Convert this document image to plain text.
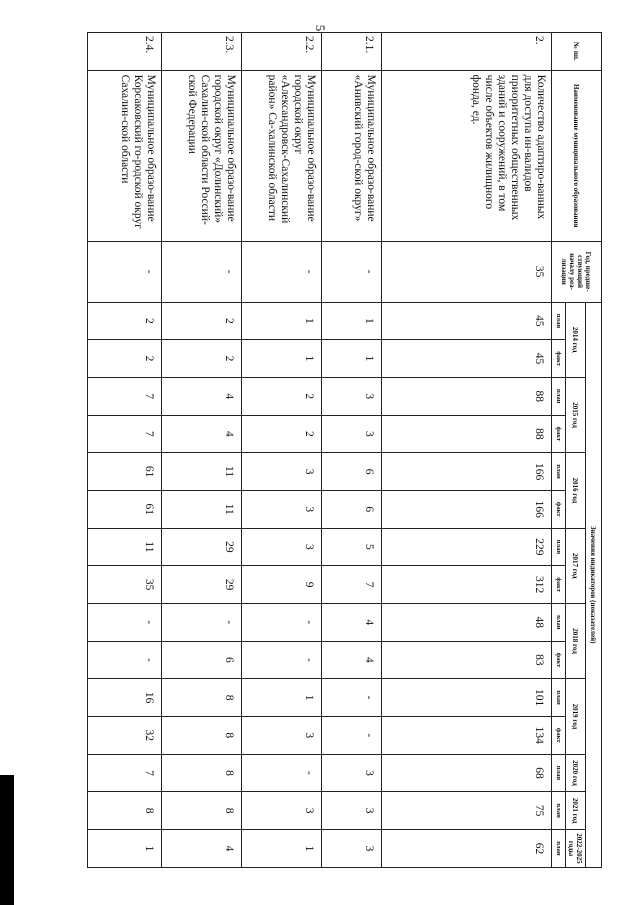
5
№ пп.	Наименование муниципального образования	Год, предше-ствующий началу реа-лизации	Значения индикаторов (показателей)														
			2014 год		2015 год		2016 год		2017 год		2018 год		2019 год		2020 год	2021 год	2022-2025 годы
			план	факт	план	факт	план	факт	план	факт	план	факт	план	факт	план	план	план
2.	Количество адаптиро-ванных для доступа ин-валидов приоритетных общественных зданий и сооружений, в том числе объектов жилищного фонда, ед.	35	45	45	88	88	166	166	229	312	48	83	101	134	68	75	62
2.1.	Муниципальное образо-вание «Анивский город-ской округ»	-	1	1	3	3	6	6	5	7	4	4	-	-	3	3	3
2.2.	Муниципальное образо-вание городской округ «Александровск-Сахалинский район» Са-халинской области	-	1	1	2	2	3	3	3	9	-	-	1	3	-	3	1
2.3.	Муниципальное образо-вание городской округ «Долинский» Сахалин-ской области Россий-ской Федерации	-	2	2	4	4	11	11	29	29	-	6	8	8	8	8	4
2.4.	Муниципальное образо-вание Корсаковский го-родской округ Сахалин-ской области	-	2	2	7	7	61	61	11	35	-	-	16	32	7	8	1
